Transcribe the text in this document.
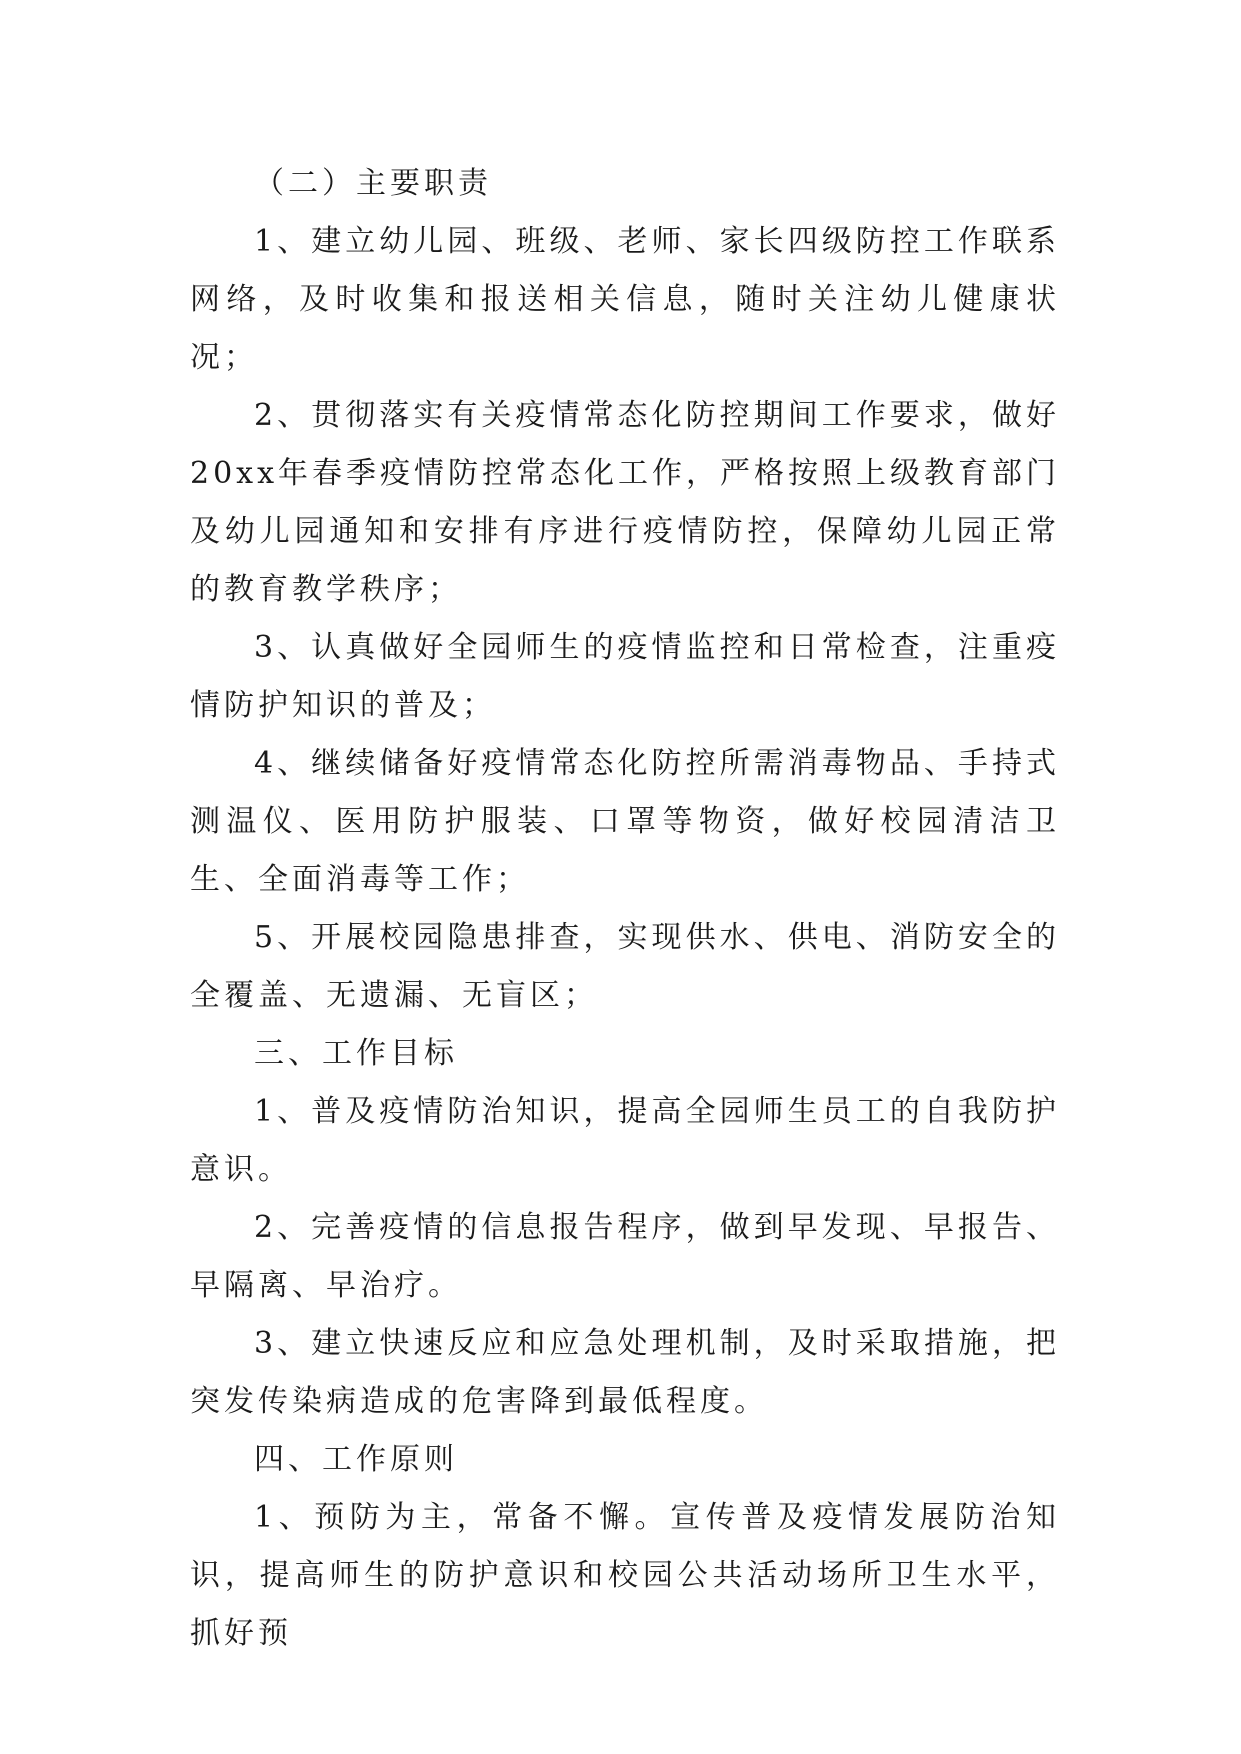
（二）主要职责

1、建立幼儿园、班级、老师、家长四级防控工作联系网络，及时收集和报送相关信息，随时关注幼儿健康状况；

2、贯彻落实有关疫情常态化防控期间工作要求，做好20xx年春季疫情防控常态化工作，严格按照上级教育部门及幼儿园通知和安排有序进行疫情防控，保障幼儿园正常的教育教学秩序；

3、认真做好全园师生的疫情监控和日常检查，注重疫情防护知识的普及；

4、继续储备好疫情常态化防控所需消毒物品、手持式测温仪、医用防护服装、口罩等物资，做好校园清洁卫生、全面消毒等工作；

5、开展校园隐患排查，实现供水、供电、消防安全的全覆盖、无遗漏、无盲区；

三、工作目标

1、普及疫情防治知识，提高全园师生员工的自我防护意识。

2、完善疫情的信息报告程序，做到早发现、早报告、早隔离、早治疗。

3、建立快速反应和应急处理机制，及时采取措施，把突发传染病造成的危害降到最低程度。

四、工作原则

1、预防为主，常备不懈。宣传普及疫情发展防治知识，提高师生的防护意识和校园公共活动场所卫生水平，抓好预
